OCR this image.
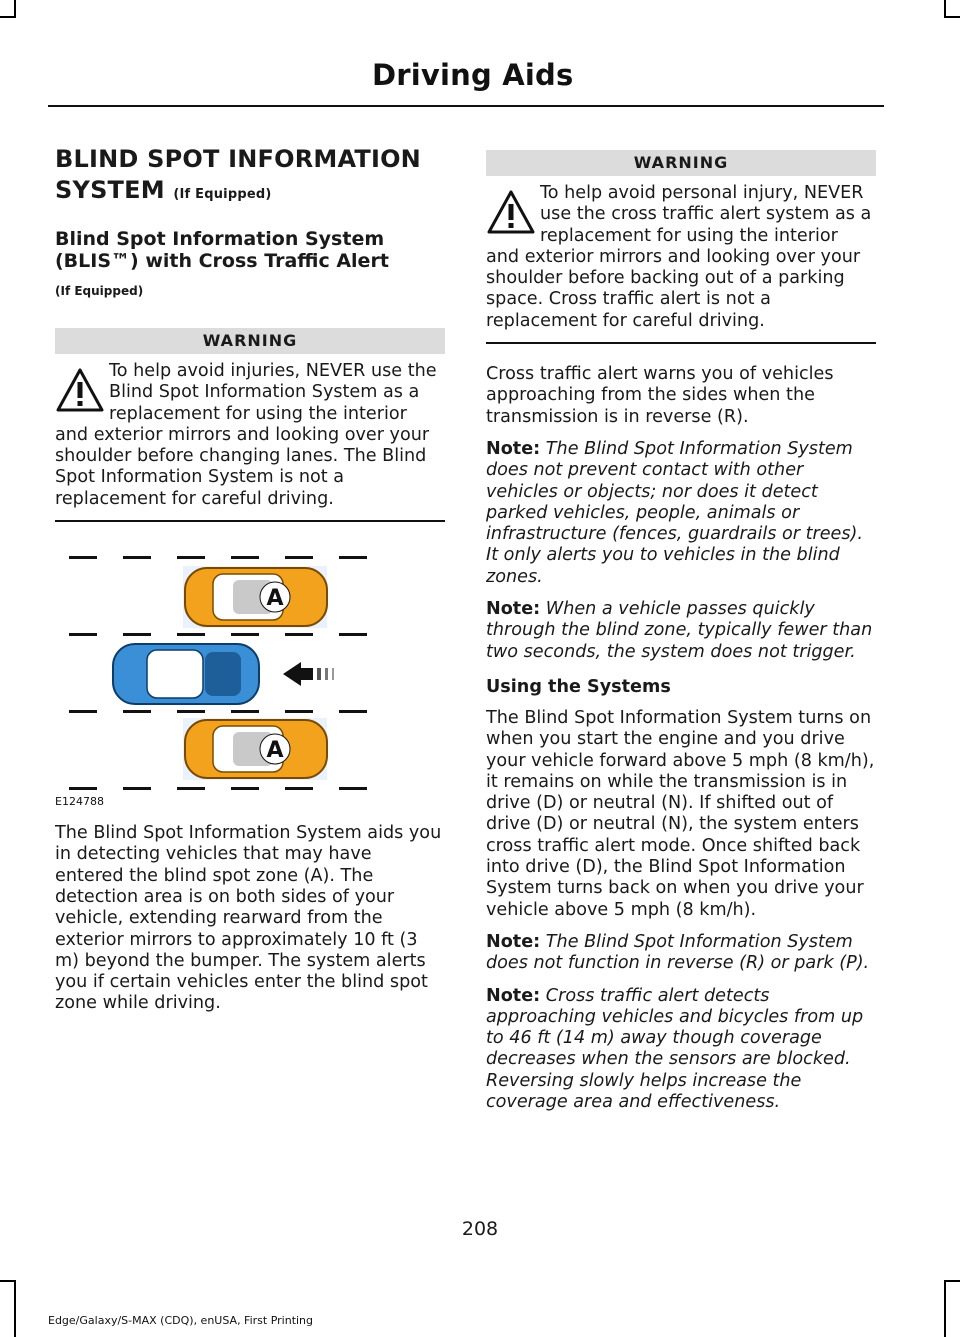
Driving Aids
BLIND SPOT INFORMATION SYSTEM (If Equipped)
Blind Spot Information System (BLIS™) with Cross Traffic Alert
(If Equipped)
WARNING
To help avoid injuries, NEVER use the Blind Spot Information System as a replacement for using the interior and exterior mirrors and looking over your shoulder before changing lanes. The Blind Spot Information System is not a replacement for careful driving.
A
A
E124788
The Blind Spot Information System aids you in detecting vehicles that may have entered the blind spot zone (A). The detection area is on both sides of your vehicle, extending rearward from the exterior mirrors to approximately 10 ft (3 m) beyond the bumper. The system alerts you if certain vehicles enter the blind spot zone while driving.
WARNING
To help avoid personal injury, NEVER use the cross traffic alert system as a replacement for using the interior and exterior mirrors and looking over your shoulder before backing out of a parking space. Cross traffic alert is not a replacement for careful driving.
Cross traffic alert warns you of vehicles approaching from the sides when the transmission is in reverse (R).
Note: The Blind Spot Information System does not prevent contact with other vehicles or objects; nor does it detect parked vehicles, people, animals or infrastructure (fences, guardrails or trees). It only alerts you to vehicles in the blind zones.
Note: When a vehicle passes quickly through the blind zone, typically fewer than two seconds, the system does not trigger.
Using the Systems
The Blind Spot Information System turns on when you start the engine and you drive your vehicle forward above 5 mph (8 km/h), it remains on while the transmission is in drive (D) or neutral (N). If shifted out of drive (D) or neutral (N), the system enters cross traffic alert mode. Once shifted back into drive (D), the Blind Spot Information System turns back on when you drive your vehicle above 5 mph (8 km/h).
Note: The Blind Spot Information System does not function in reverse (R) or park (P).
Note: Cross traffic alert detects approaching vehicles and bicycles from up to 46 ft (14 m) away though coverage decreases when the sensors are blocked. Reversing slowly helps increase the coverage area and effectiveness.
208
Edge/Galaxy/S-MAX (CDQ), enUSA, First Printing
